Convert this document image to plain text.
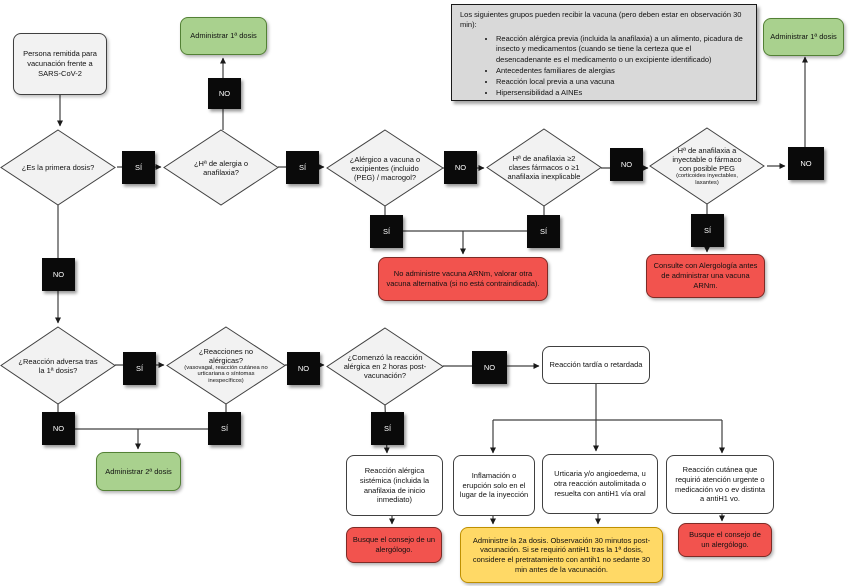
Persona remitida para vacunación frente a SARS-CoV-2
Los siguientes grupos pueden recibir la vacuna (pero deben estar en observación 30 min):
• Reacción alérgica previa (incluida la anafilaxia) a un alimento, picadura de insecto y medicamentos (cuando se tiene la certeza que el desencadenante es el medicamento o un excipiente identificado)
• Antecedentes familiares de alergias
• Reacción local previa a una vacuna
• Hipersensibilidad a AINEs
Administrar 1ª dosis	Administrar 1ª dosis
Administrar 2ª dosis
¿Es la primera dosis?	¿Hª de alergia o anafilaxia?
¿Alérgico a vacuna o excipientes (incluido (PEG) / macrogol?
Hª de anafilaxia ≥2 clases fármacos o ≥1 anafilaxia inexplicable
Hª de anafilaxia a inyectable o fármaco con posible PEG
(corticoides inyectables, laxantes)
¿Reacción adversa tras la 1ª dosis?
¿Reacciones no alérgicas?
(vasovagal, reacción cutánea no urticariana o síntomas inespecíficos)
¿Comenzó la reacción alérgica en 2 horas post-vacunación?
SÍ
NO
SÍ	NO	NO	NO
NO
SÍ	SÍ	SÍ
SÍ	NO	NO
NO	SÍ	SÍ
No administre vacuna ARNm, valorar otra vacuna alternativa (si no está contraindicada).
Consulte con Alergología antes de administrar una vacuna ARNm.
Reacción tardía o retardada
Reacción alérgica sistémica (incluida la anafilaxia de inicio inmediato)
Inflamación o erupción solo en el lugar de la inyección
Urticaria y/o angioedema, u otra reacción autolimitada o resuelta con antiH1 vía oral
Reacción cutánea que requirió atención urgente o medicación vo o ev distinta a antiH1 vo.
Busque el consejo de un alergólogo.
Administre la 2a dosis. Observación 30 minutos post-vacunación. Si se requirió antiH1 tras la 1ª dosis, considere el pretratamiento con antih1 no sedante 30 min antes de la vacunación.
Busque el consejo de un alergólogo.
